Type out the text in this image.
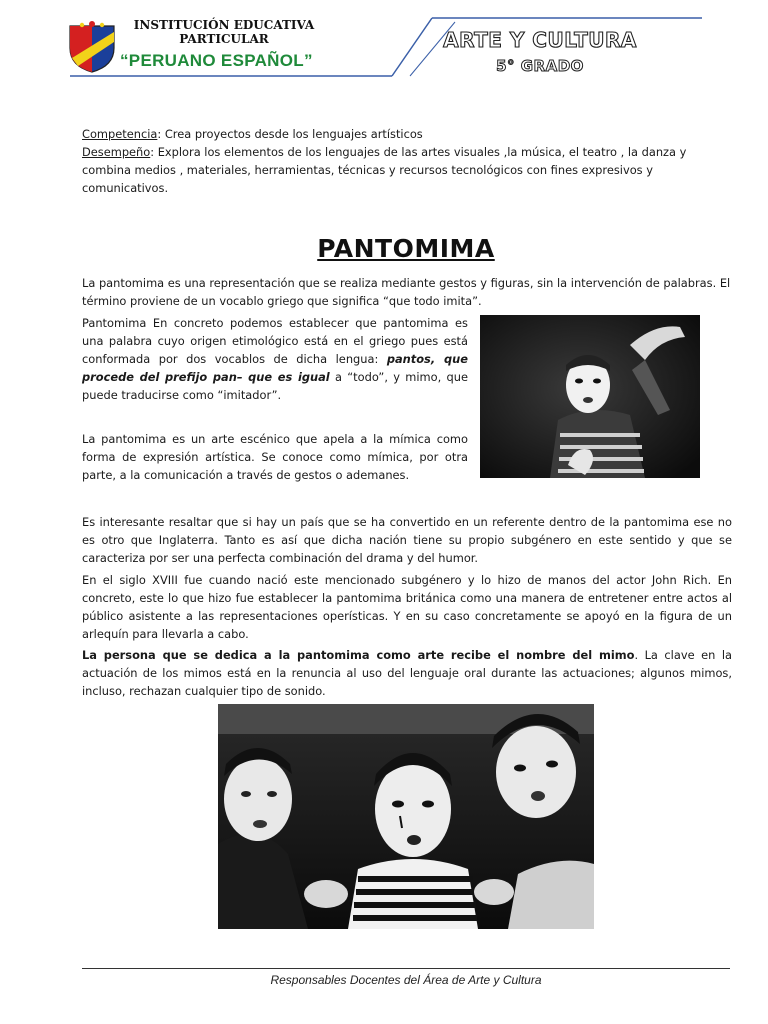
INSTITUCIÓN EDUCATIVA
PARTICULAR
“PERUANO ESPAÑOL”
ARTE Y CULTURA
5° GRADO
Competencia: Crea proyectos desde los lenguajes artísticos
Desempeño: Explora los elementos de los lenguajes de las artes visuales ,la música, el teatro , la danza y combina medios , materiales, herramientas, técnicas y recursos tecnológicos con fines expresivos y comunicativos.
PANTOMIMA
La pantomima es una representación que se realiza mediante gestos y figuras, sin la intervención de palabras. El término proviene de un vocablo griego que significa “que todo imita”.
Pantomima En concreto podemos establecer que pantomima es una palabra cuyo origen etimológico está en el griego pues está conformada por dos vocablos de dicha lengua: pantos, que procede del prefijo pan– que es igual a “todo”, y mimo, que puede traducirse como “imitador”.
La pantomima es un arte escénico que apela a la mímica como forma de expresión artística. Se conoce como mímica, por otra parte, a la comunicación a través de gestos o ademanes.
Es interesante resaltar que si hay un país que se ha convertido en un referente dentro de la pantomima ese no es otro que Inglaterra. Tanto es así que dicha nación tiene su propio subgénero en este sentido y que se caracteriza por ser una perfecta combinación del drama y del humor.
En el siglo XVIII fue cuando nació este mencionado subgénero y lo hizo de manos del actor John Rich. En concreto, este lo que hizo fue establecer la pantomima británica como una manera de entretener entre actos al público asistente a las representaciones operísticas. Y en su caso concretamente se apoyó en la figura de un arlequín para llevarla a cabo.
La persona que se dedica a la pantomima como arte recibe el nombre del mimo. La clave en la actuación de los mimos está en la renuncia al uso del lenguaje oral durante las actuaciones; algunos mimos, incluso, rechazan cualquier tipo de sonido.
Responsables Docentes del Área de Arte y Cultura
